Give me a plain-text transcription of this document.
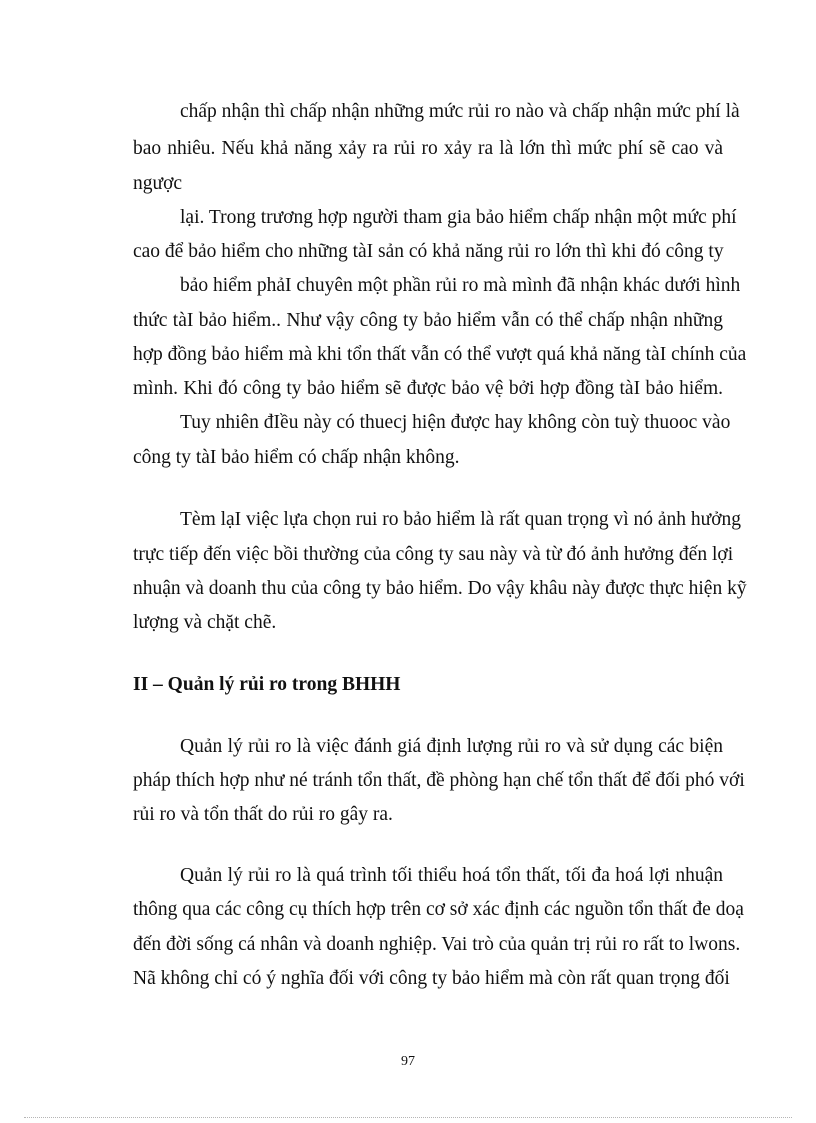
chấp nhận thì chấp nhận những mức rủi ro nào và chấp nhận mức phí là
bao nhiêu. Nếu khả năng xảy ra rủi ro xảy ra là lớn thì mức phí sẽ cao và
ngược
lại. Trong trương hợp người tham gia bảo hiểm chấp nhận một mức phí
cao để bảo hiểm cho những tàI sản có khả năng rủi ro lớn thì khi đó công ty
bảo hiểm phảI chuyên một phần rủi ro mà mình đã nhận khác dưới hình
thức tàI bảo hiểm.. Như vậy công ty bảo hiểm vẫn có thể chấp nhận những
hợp đồng bảo hiểm mà khi tổn thất vẫn có thể vượt quá khả năng tàI chính của
mình. Khi đó công ty bảo hiểm sẽ được bảo vệ bởi hợp đồng tàI bảo hiểm.
Tuy nhiên đIều này có thuecj hiện được hay không còn tuỳ thuooc vào
công ty tàI bảo hiểm có chấp nhận không.
Tèm lạI việc lựa chọn rui ro bảo hiểm là rất quan trọng vì nó ảnh hưởng
trực tiếp đến việc bồi thường của công ty sau này và từ đó ảnh hưởng đến lợi
nhuận và doanh thu của công ty bảo hiểm. Do vậy khâu này được thực hiện kỹ
lượng và chặt chẽ.
II – Quản lý rủi ro trong BHHH
Quản lý rủi ro là việc đánh giá định lượng rủi ro và sử dụng các biện
pháp thích hợp như né tránh tổn thất, đề phòng hạn chế tổn thất để đối phó với
rủi ro và tổn thất do rủi ro gây ra.
Quản lý rủi ro là quá trình tối thiểu hoá tổn thất, tối đa hoá lợi nhuận
thông qua các công cụ thích hợp trên cơ sở xác định các nguồn tổn thất đe doạ
đến đời sống cá nhân và doanh nghiệp. Vai trò của quản trị rủi ro rất to lwons.
Nã không chỉ có ý nghĩa đối với công ty bảo hiểm mà còn rất quan trọng đối
97
